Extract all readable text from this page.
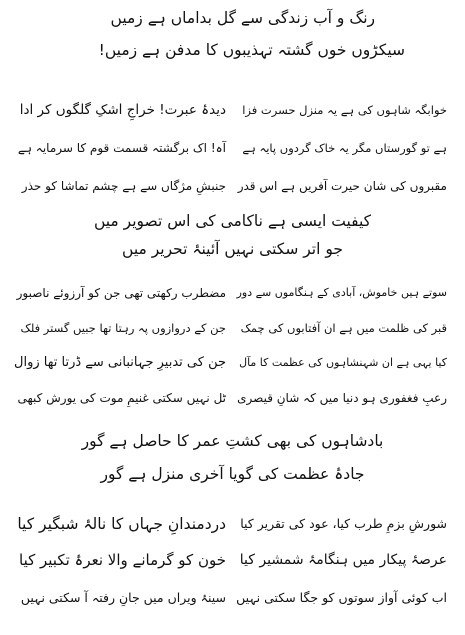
رنگ و آب زندگی سے گل بداماں ہے زمیں
سیکڑوں خوں گشتہ تہذیبوں کا مدفن ہے زمیں!
خوابگہ شاہوں کی ہے یہ منزل حسرت فزا
دیدۂ عبرت! خراجِ اشکِ گلگوں کر ادا
ہے تو گورستاں مگر یہ خاک گردوں پایہ ہے
آہ! اک برگشتہ قسمت قوم کا سرمایہ ہے
مقبروں کی شان حیرت آفریں ہے اس قدر
جنبشِ مژگاں سے ہے چشم تماشا کو حذر
کیفیت ایسی ہے ناکامی کی اس تصویر میں
جو اتر سکتی نہیں آئینۂ تحریر میں
سوتے ہیں خاموش، آبادی کے ہنگاموں سے دور
مضطرب رکھتی تھی جن کو آرزوئے ناصبور
قبر کی ظلمت میں ہے ان آفتابوں کی چمک
جن کے دروازوں پہ رہتا تھا جبیں گستر فلک
کیا یہی ہے ان شہنشاہوں کی عظمت کا مآل
جن کی تدبیرِ جہانبانی سے ڈرتا تھا زوال
رعبِ فغفوری ہو دنیا میں کہ شانِ قیصری
ٹل نہیں سکتی غنیمِ موت کی یورش کبھی
بادشاہوں کی بھی کشتِ عمر کا حاصل ہے گور
جادۂ عظمت کی گویا آخری منزل ہے گور
شورشِ بزمِ طرب کیا، عود کی تقریر کیا
دردمندانِ جہاں کا نالۂ شبگیر کیا
عرصۂ پیکار میں ہنگامۂ شمشیر کیا
خون کو گرمانے والا نعرۂ تکبیر کیا
اب کوئی آواز سوتوں کو جگا سکتی نہیں
سینۂ ویراں میں جانِ رفتہ آ سکتی نہیں
